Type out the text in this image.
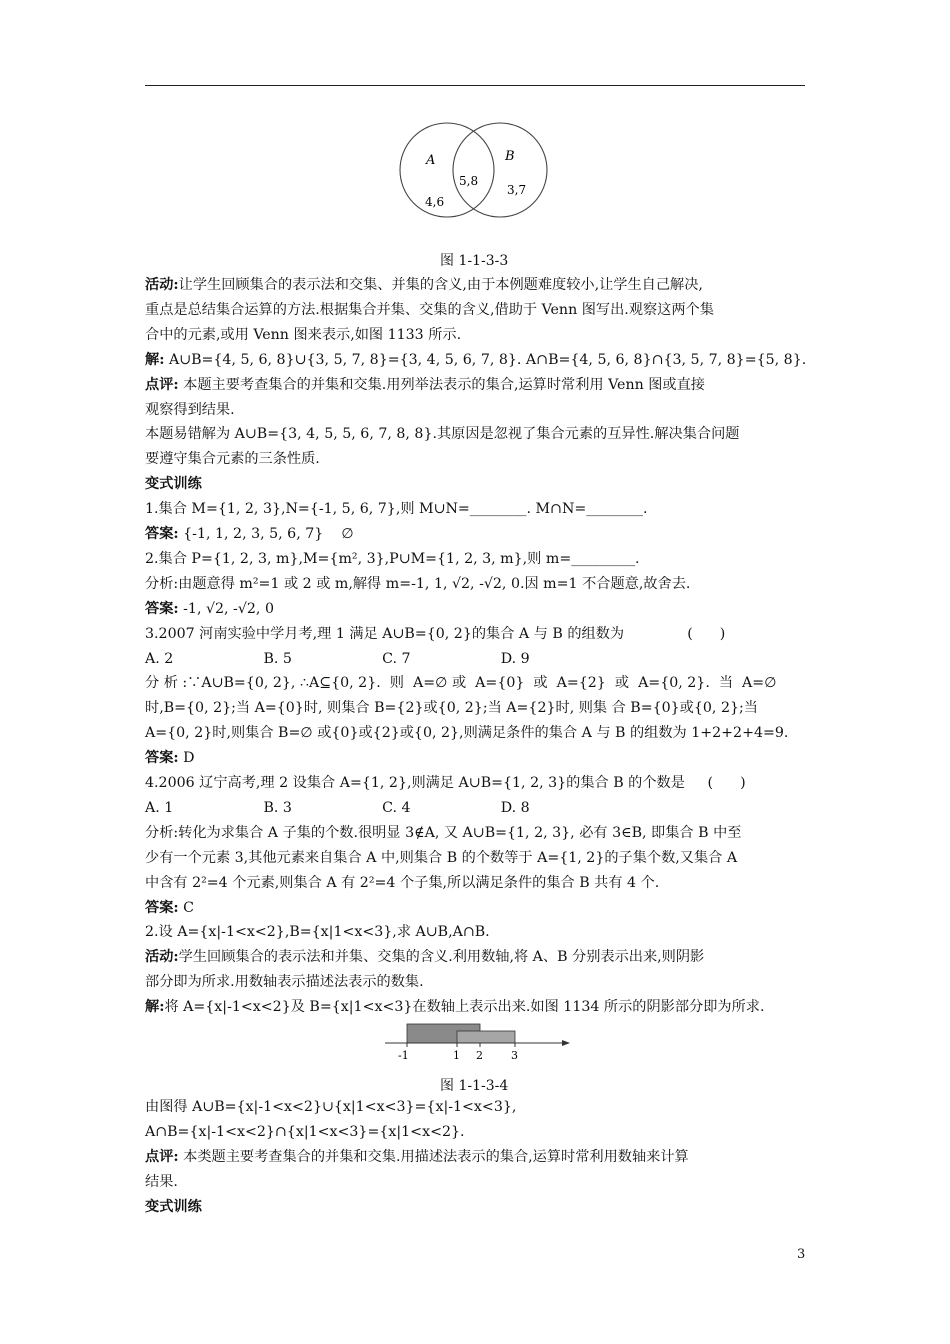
A	B
4,6
5,8
3,7
图 1-1-3-3
活动:让学生回顾集合的表示法和交集、并集的含义,由于本例题难度较小,让学生自己解决,
重点是总结集合运算的方法.根据集合并集、交集的含义,借助于 Venn 图写出.观察这两个集
合中的元素,或用 Venn 图来表示,如图 1133 所示.
解: A∪B={4, 5, 6, 8}∪{3, 5, 7, 8}={3, 4, 5, 6, 7, 8}. A∩B={4, 5, 6, 8}∩{3, 5, 7, 8}={5, 8}.
点评: 本题主要考查集合的并集和交集.用列举法表示的集合,运算时常利用 Venn 图或直接
观察得到结果.
本题易错解为 A∪B={3, 4, 5, 5, 6, 7, 8, 8}.其原因是忽视了集合元素的互异性.解决集合问题
要遵守集合元素的三条性质.
变式训练
1.集合 M={1, 2, 3},N={-1, 5, 6, 7},则 M∪N=________. M∩N=________.
答案: {-1, 1, 2, 3, 5, 6, 7}    ∅
2.集合 P={1, 2, 3, m},M={m², 3},P∪M={1, 2, 3, m},则 m=_________.
分析:由题意得 m²=1 或 2 或 m,解得 m=-1, 1, √2, -√2, 0.因 m=1 不合题意,故舍去.
答案: -1, √2, -√2, 0
3.2007 河南实验中学月考,理 1 满足 A∪B={0, 2}的集合 A 与 B 的组数为              (      )
A. 2                    B. 5                    C. 7                    D. 9
分 析 :∵A∪B={0, 2}, ∴A⊆{0, 2}.  则  A=∅ 或  A={0}  或  A={2}  或  A={0, 2}.  当  A=∅
时,B={0, 2};当 A={0}时, 则集合 B={2}或{0, 2};当 A={2}时, 则集 合 B={0}或{0, 2};当
A={0, 2}时,则集合 B=∅ 或{0}或{2}或{0, 2},则满足条件的集合 A 与 B 的组数为 1+2+2+4=9.
答案: D
4.2006 辽宁高考,理 2 设集合 A={1, 2},则满足 A∪B={1, 2, 3}的集合 B 的个数是     (      )
A. 1                    B. 3                    C. 4                    D. 8
分析:转化为求集合 A 子集的个数.很明显 3∉A, 又 A∪B={1, 2, 3}, 必有 3∈B, 即集合 B 中至
少有一个元素 3,其他元素来自集合 A 中,则集合 B 的个数等于 A={1, 2}的子集个数,又集合 A
中含有 2²=4 个元素,则集合 A 有 2²=4 个子集,所以满足条件的集合 B 共有 4 个.
答案: C
2.设 A={x|-1<x<2},B={x|1<x<3},求 A∪B,A∩B.
活动:学生回顾集合的表示法和并集、交集的含义.利用数轴,将 A、B 分别表示出来,则阴影
部分即为所求.用数轴表示描述法表示的数集.
解:将 A={x|-1<x<2}及 B={x|1<x<3}在数轴上表示出来.如图 1134 所示的阴影部分即为所求.
-1	1 2	3
图 1-1-3-4
由图得 A∪B={x|-1<x<2}∪{x|1<x<3}={x|-1<x<3},
A∩B={x|-1<x<2}∩{x|1<x<3}={x|1<x<2}.
点评: 本类题主要考查集合的并集和交集.用描述法表示的集合,运算时常利用数轴来计算
结果.
变式训练
3
